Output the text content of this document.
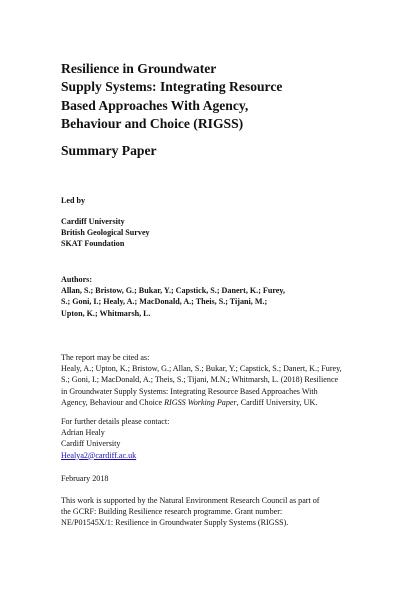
Resilience in Groundwater
Supply Systems: Integrating Resource
Based Approaches With Agency,
Behaviour and Choice (RIGSS)
Summary Paper
Led by
Cardiff University
British Geological Survey
SKAT Foundation
Authors:
Allan, S.; Bristow, G.; Bukar, Y.; Capstick, S.; Danert, K.; Furey,
S.; Goni, I.; Healy, A.; MacDonald, A.; Theis, S.; Tijani, M.;
Upton, K.; Whitmarsh, L.
The report may be cited as:
Healy, A.; Upton, K.; Bristow, G.; Allan, S.; Bukar, Y.; Capstick, S.; Danert, K.; Furey,
S.; Goni, I.; MacDonald, A.; Theis, S.; Tijani, M.N.; Whitmarsh, L. (2018) Resilience
in Groundwater Supply Systems: Integrating Resource Based Approaches With
Agency, Behaviour and Choice RIGSS Working Paper, Cardiff University, UK.
For further details please contact:
Adrian Healy
Cardiff University
Healya2@cardiff.ac.uk
February 2018
This work is supported by the Natural Environment Research Council as part of
the GCRF: Building Resilience research programme. Grant number:
NE/P01545X/1: Resilience in Groundwater Supply Systems (RIGSS).
